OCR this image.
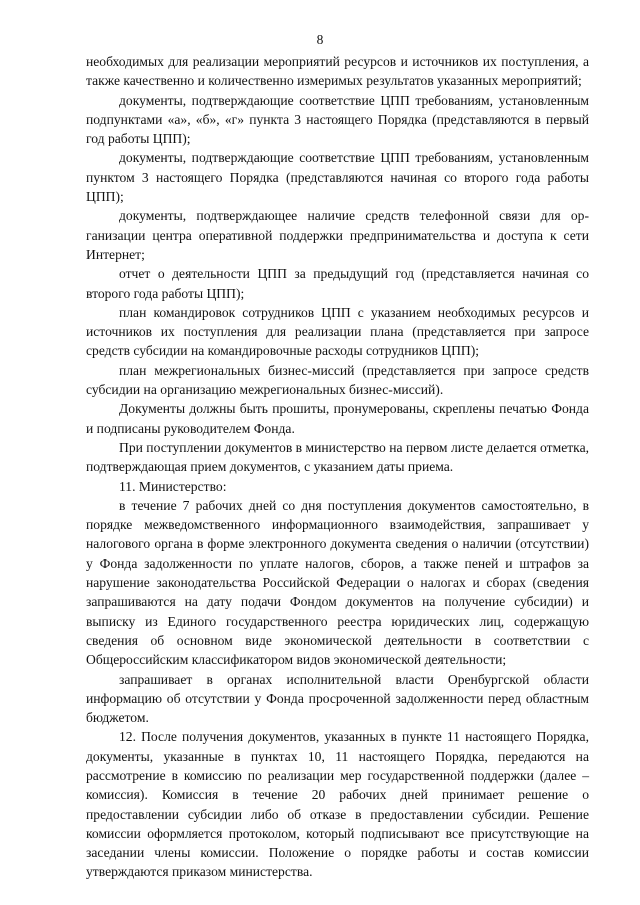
8

необходимых для реализации мероприятий ресурсов и источников их поступления, а также качественно и количественно измеримых результатов указанных мероприятий;

документы, подтверждающие соответствие ЦПП требованиям, установленным подпунктами «а», «б», «г» пункта 3 настоящего Порядка (представляются в первый год работы ЦПП);

документы, подтверждающие соответствие ЦПП требованиям, установленным пунктом 3 настоящего Порядка (представляются начиная со второго года работы ЦПП);

документы, подтверждающее наличие средств телефонной связи для организации центра оперативной поддержки предпринимательства и доступа к сети Интернет;

отчет о деятельности ЦПП за предыдущий год (представляется начиная со второго года работы ЦПП);

план командировок сотрудников ЦПП с указанием необходимых ресурсов и источников их поступления для реализации плана (представляется при запросе средств субсидии на командировочные расходы сотрудников ЦПП);

план межрегиональных бизнес-миссий (представляется при запросе средств субсидии на организацию межрегиональных бизнес-миссий).

Документы должны быть прошиты, пронумерованы, скреплены печатью Фонда и подписаны руководителем Фонда.

При поступлении документов в министерство на первом листе делается отметка, подтверждающая прием документов, с указанием даты приема.

11. Министерство:

в течение 7 рабочих дней со дня поступления документов самостоятельно, в порядке межведомственного информационного взаимодействия, запрашивает у налогового органа в форме электронного документа сведения о наличии (отсутствии) у Фонда задолженности по уплате налогов, сборов, а также пеней и штрафов за нарушение законодательства Российской Федерации о налогах и сборах (сведения запрашиваются на дату подачи Фондом документов на получение субсидии) и выписку из Единого государственного реестра юридических лиц, содержащую сведения об основном виде экономической деятельности в соответствии с Общероссийским классификатором видов экономической деятельности;

запрашивает в органах исполнительной власти Оренбургской области информацию об отсутствии у Фонда просроченной задолженности перед областным бюджетом.

12. После получения документов, указанных в пункте 11 настоящего Порядка, документы, указанные в пунктах 10, 11 настоящего Порядка, передаются на рассмотрение в комиссию по реализации мер государственной поддержки (далее – комиссия). Комиссия в течение 20 рабочих дней принимает решение о предоставлении субсидии либо об отказе в предоставлении субсидии. Решение комиссии оформляется протоколом, который подписывают все присутствующие на заседании члены комиссии. Положение о порядке работы и состав комиссии утверждаются приказом министерства.
